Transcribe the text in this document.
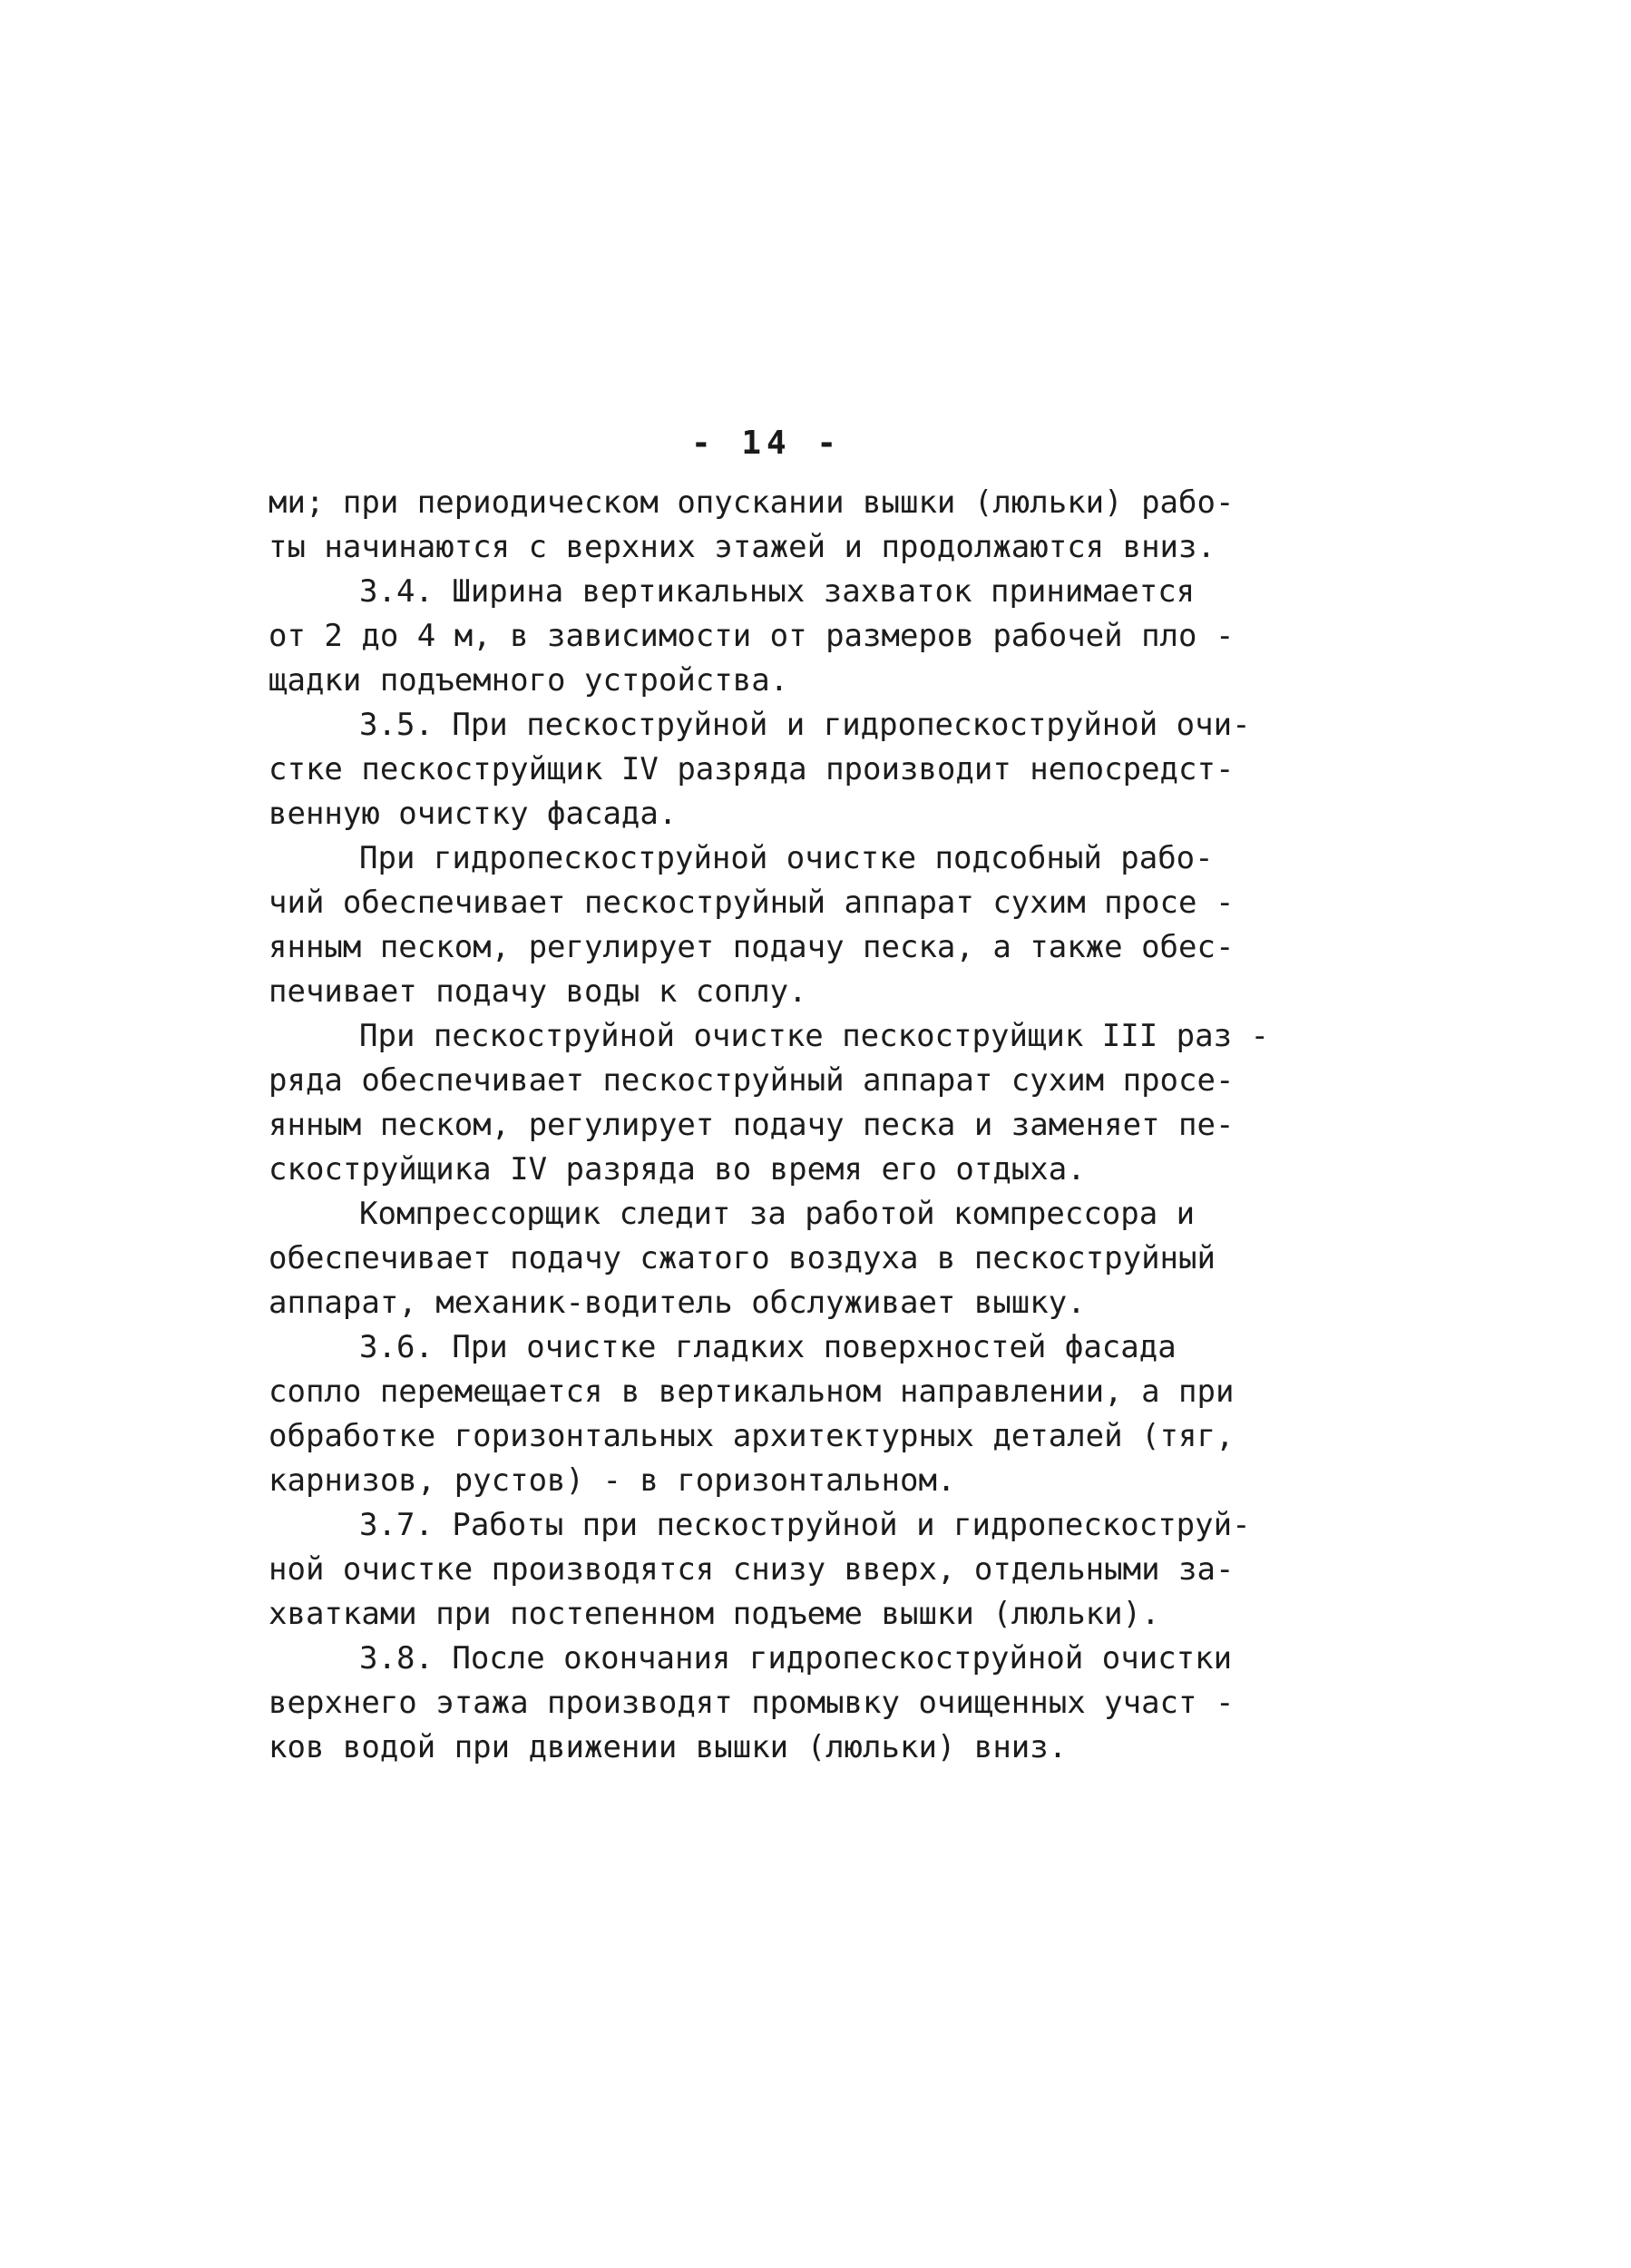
- 14 -
ми; при периодическом опускании вышки (люльки) рабо-
ты начинаются с верхних этажей и продолжаются вниз.
3.4. Ширина вертикальных захваток принимается
от 2 до 4 м, в зависимости от размеров рабочей пло -
щадки подъемного устройства.
3.5. При пескоструйной и гидропескоструйной очи-
стке пескоструйщик IV разряда производит непосредст-
венную очистку фасада.
При гидропескоструйной очистке подсобный рабо-
чий обеспечивает пескоструйный аппарат сухим просе -
янным песком, регулирует подачу песка, а также обес-
печивает подачу воды к соплу.
При пескоструйной очистке пескоструйщик III раз -
ряда обеспечивает пескоструйный аппарат сухим просе-
янным песком, регулирует подачу песка и заменяет пе-
скоструйщика IV разряда во время его отдыха.
Компрессорщик следит за работой компрессора и
обеспечивает подачу сжатого воздуха в пескоструйный
аппарат, механик-водитель обслуживает вышку.
3.6. При очистке гладких поверхностей фасада
сопло перемещается в вертикальном направлении, а при
обработке горизонтальных архитектурных деталей (тяг,
карнизов, рустов) - в горизонтальном.
3.7. Работы при пескоструйной и гидропескоструй-
ной очистке производятся снизу вверх, отдельными за-
хватками при постепенном подъеме вышки (люльки).
3.8. После окончания гидропескоструйной очистки
верхнего этажа производят промывку очищенных участ -
ков водой при движении вышки (люльки) вниз.
